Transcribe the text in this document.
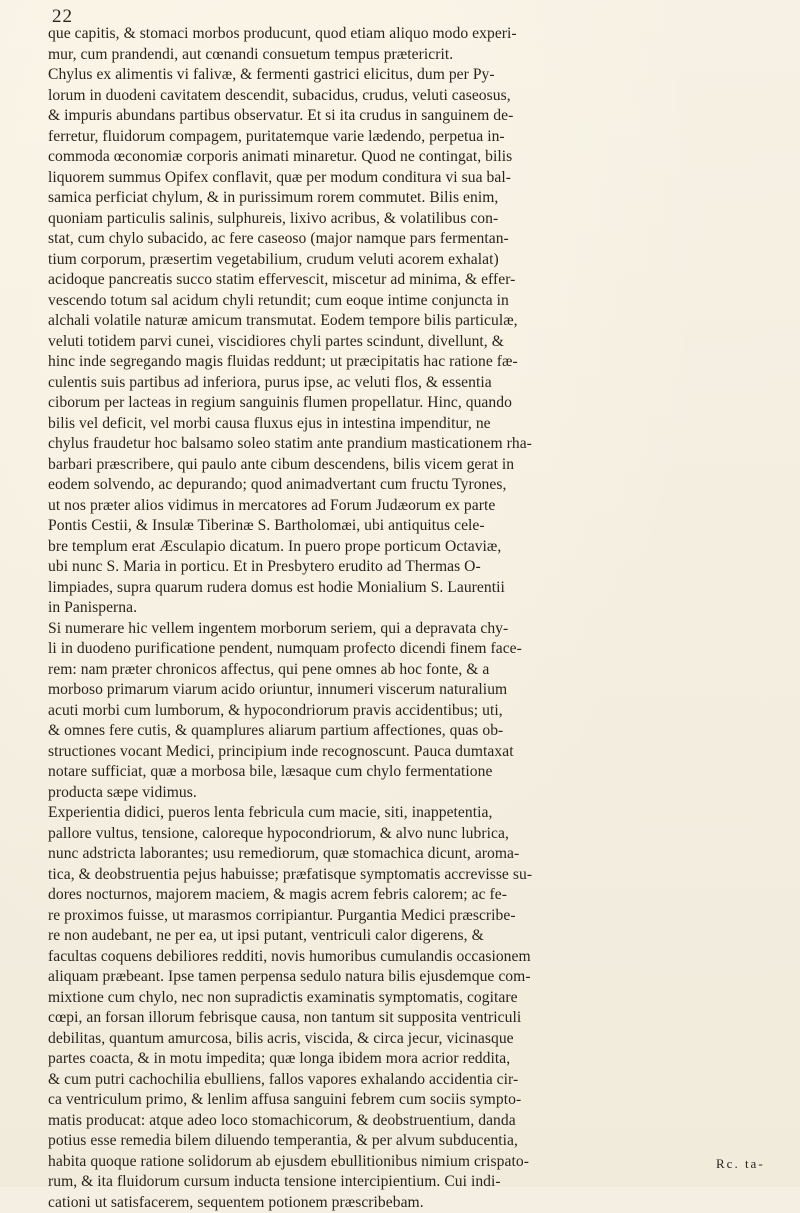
22
que capitis, & stomaci morbos producunt, quod etiam aliquo modo experi-
mur, cum prandendi, aut cœnandi consuetum tempus prætericrit.
Chylus ex alimentis vi falivæ, & fermenti gastrici elicitus, dum per Py-
lorum in duodeni cavitatem descendit, subacidus, crudus, veluti caseosus,
& impuris abundans partibus observatur. Et si ita crudus in sanguinem de-
ferretur, fluidorum compagem, puritatemque varie lædendo, perpetua in-
commoda œconomiæ corporis animati minaretur. Quod ne contingat, bilis
liquorem summus Opifex conflavit, quæ per modum conditura vi sua bal-
samica perficiat chylum, & in purissimum rorem commutet. Bilis enim,
quoniam particulis salinis, sulphureis, lixivo acribus, & volatilibus con-
stat, cum chylo subacido, ac fere caseoso (major namque pars fermentan-
tium corporum, præsertim vegetabilium, crudum veluti acorem exhalat)
acidoque pancreatis succo statim effervescit, miscetur ad minima, & effer-
vescendo totum sal acidum chyli retundit; cum eoque intime conjuncta in
alchali volatile naturæ amicum transmutat. Eodem tempore bilis particulæ,
veluti totidem parvi cunei, viscidiores chyli partes scindunt, divellunt, &
hinc inde segregando magis fluidas reddunt; ut præcipitatis hac ratione fæ-
culentis suis partibus ad inferiora, purus ipse, ac veluti flos, & essentia
ciborum per lacteas in regium sanguinis flumen propellatur. Hinc, quando
bilis vel deficit, vel morbi causa fluxus ejus in intestina impenditur, ne
chylus fraudetur hoc balsamo soleo statim ante prandium masticationem rha-
barbari præscribere, qui paulo ante cibum descendens, bilis vicem gerat in
eodem solvendo, ac depurando; quod animadvertant cum fructu Tyrones,
ut nos præter alios vidimus in mercatores ad Forum Judæorum ex parte
Pontis Cestii, & Insulæ Tiberinæ S. Bartholomæi, ubi antiquitus cele-
bre templum erat Æsculapio dicatum. In puero prope porticum Octaviæ,
ubi nunc S. Maria in porticu. Et in Presbytero erudito ad Thermas O-
limpiades, supra quarum rudera domus est hodie Monialium S. Laurentii
in Panisperna.
Si numerare hic vellem ingentem morborum seriem, qui a depravata chy-
li in duodeno purificatione pendent, numquam profecto dicendi finem face-
rem: nam præter chronicos affectus, qui pene omnes ab hoc fonte, & a
morboso primarum viarum acido oriuntur, innumeri viscerum naturalium
acuti morbi cum lumborum, & hypocondriorum pravis accidentibus; uti,
& omnes fere cutis, & quamplures aliarum partium affectiones, quas ob-
structiones vocant Medici, principium inde recognoscunt. Pauca dumtaxat
notare sufficiat, quæ a morbosa bile, læsaque cum chylo fermentatione
producta sæpe vidimus.
Experientia didici, pueros lenta febricula cum macie, siti, inappetentia,
pallore vultus, tensione, caloreque hypocondriorum, & alvo nunc lubrica,
nunc adstricta laborantes; usu remediorum, quæ stomachica dicunt, aroma-
tica, & deobstruentia pejus habuisse; præfatisque symptomatis accrevisse su-
dores nocturnos, majorem maciem, & magis acrem febris calorem; ac fe-
re proximos fuisse, ut marasmos corripiantur. Purgantia Medici præscribe-
re non audebant, ne per ea, ut ipsi putant, ventriculi calor digerens, &
facultas coquens debiliores redditi, novis humoribus cumulandis occasionem
aliquam præbeant. Ipse tamen perpensa sedulo natura bilis ejusdemque com-
mixtione cum chylo, nec non supradictis examinatis symptomatis, cogitare
cœpi, an forsan illorum febrisque causa, non tantum sit supposita ventriculi
debilitas, quantum amurcosa, bilis acris, viscida, & circa jecur, vicinasque
partes coacta, & in motu impedita; quæ longa ibidem mora acrior reddita,
& cum putri cachochilia ebulliens, fallos vapores exhalando accidentia cir-
ca ventriculum primo, & lenlim affusa sanguini febrem cum sociis sympto-
matis producat: atque adeo loco stomachicorum, & deobstruentium, danda
potius esse remedia bilem diluendo temperantia, & per alvum subducentia,
habita quoque ratione solidorum ab ejusdem ebullitionibus nimium crispato-
rum, & ita fluidorum cursum inducta tensione intercipientium. Cui indi-
cationi ut satisfacerem, sequentem potionem præscribebam.
Rc. ta-
